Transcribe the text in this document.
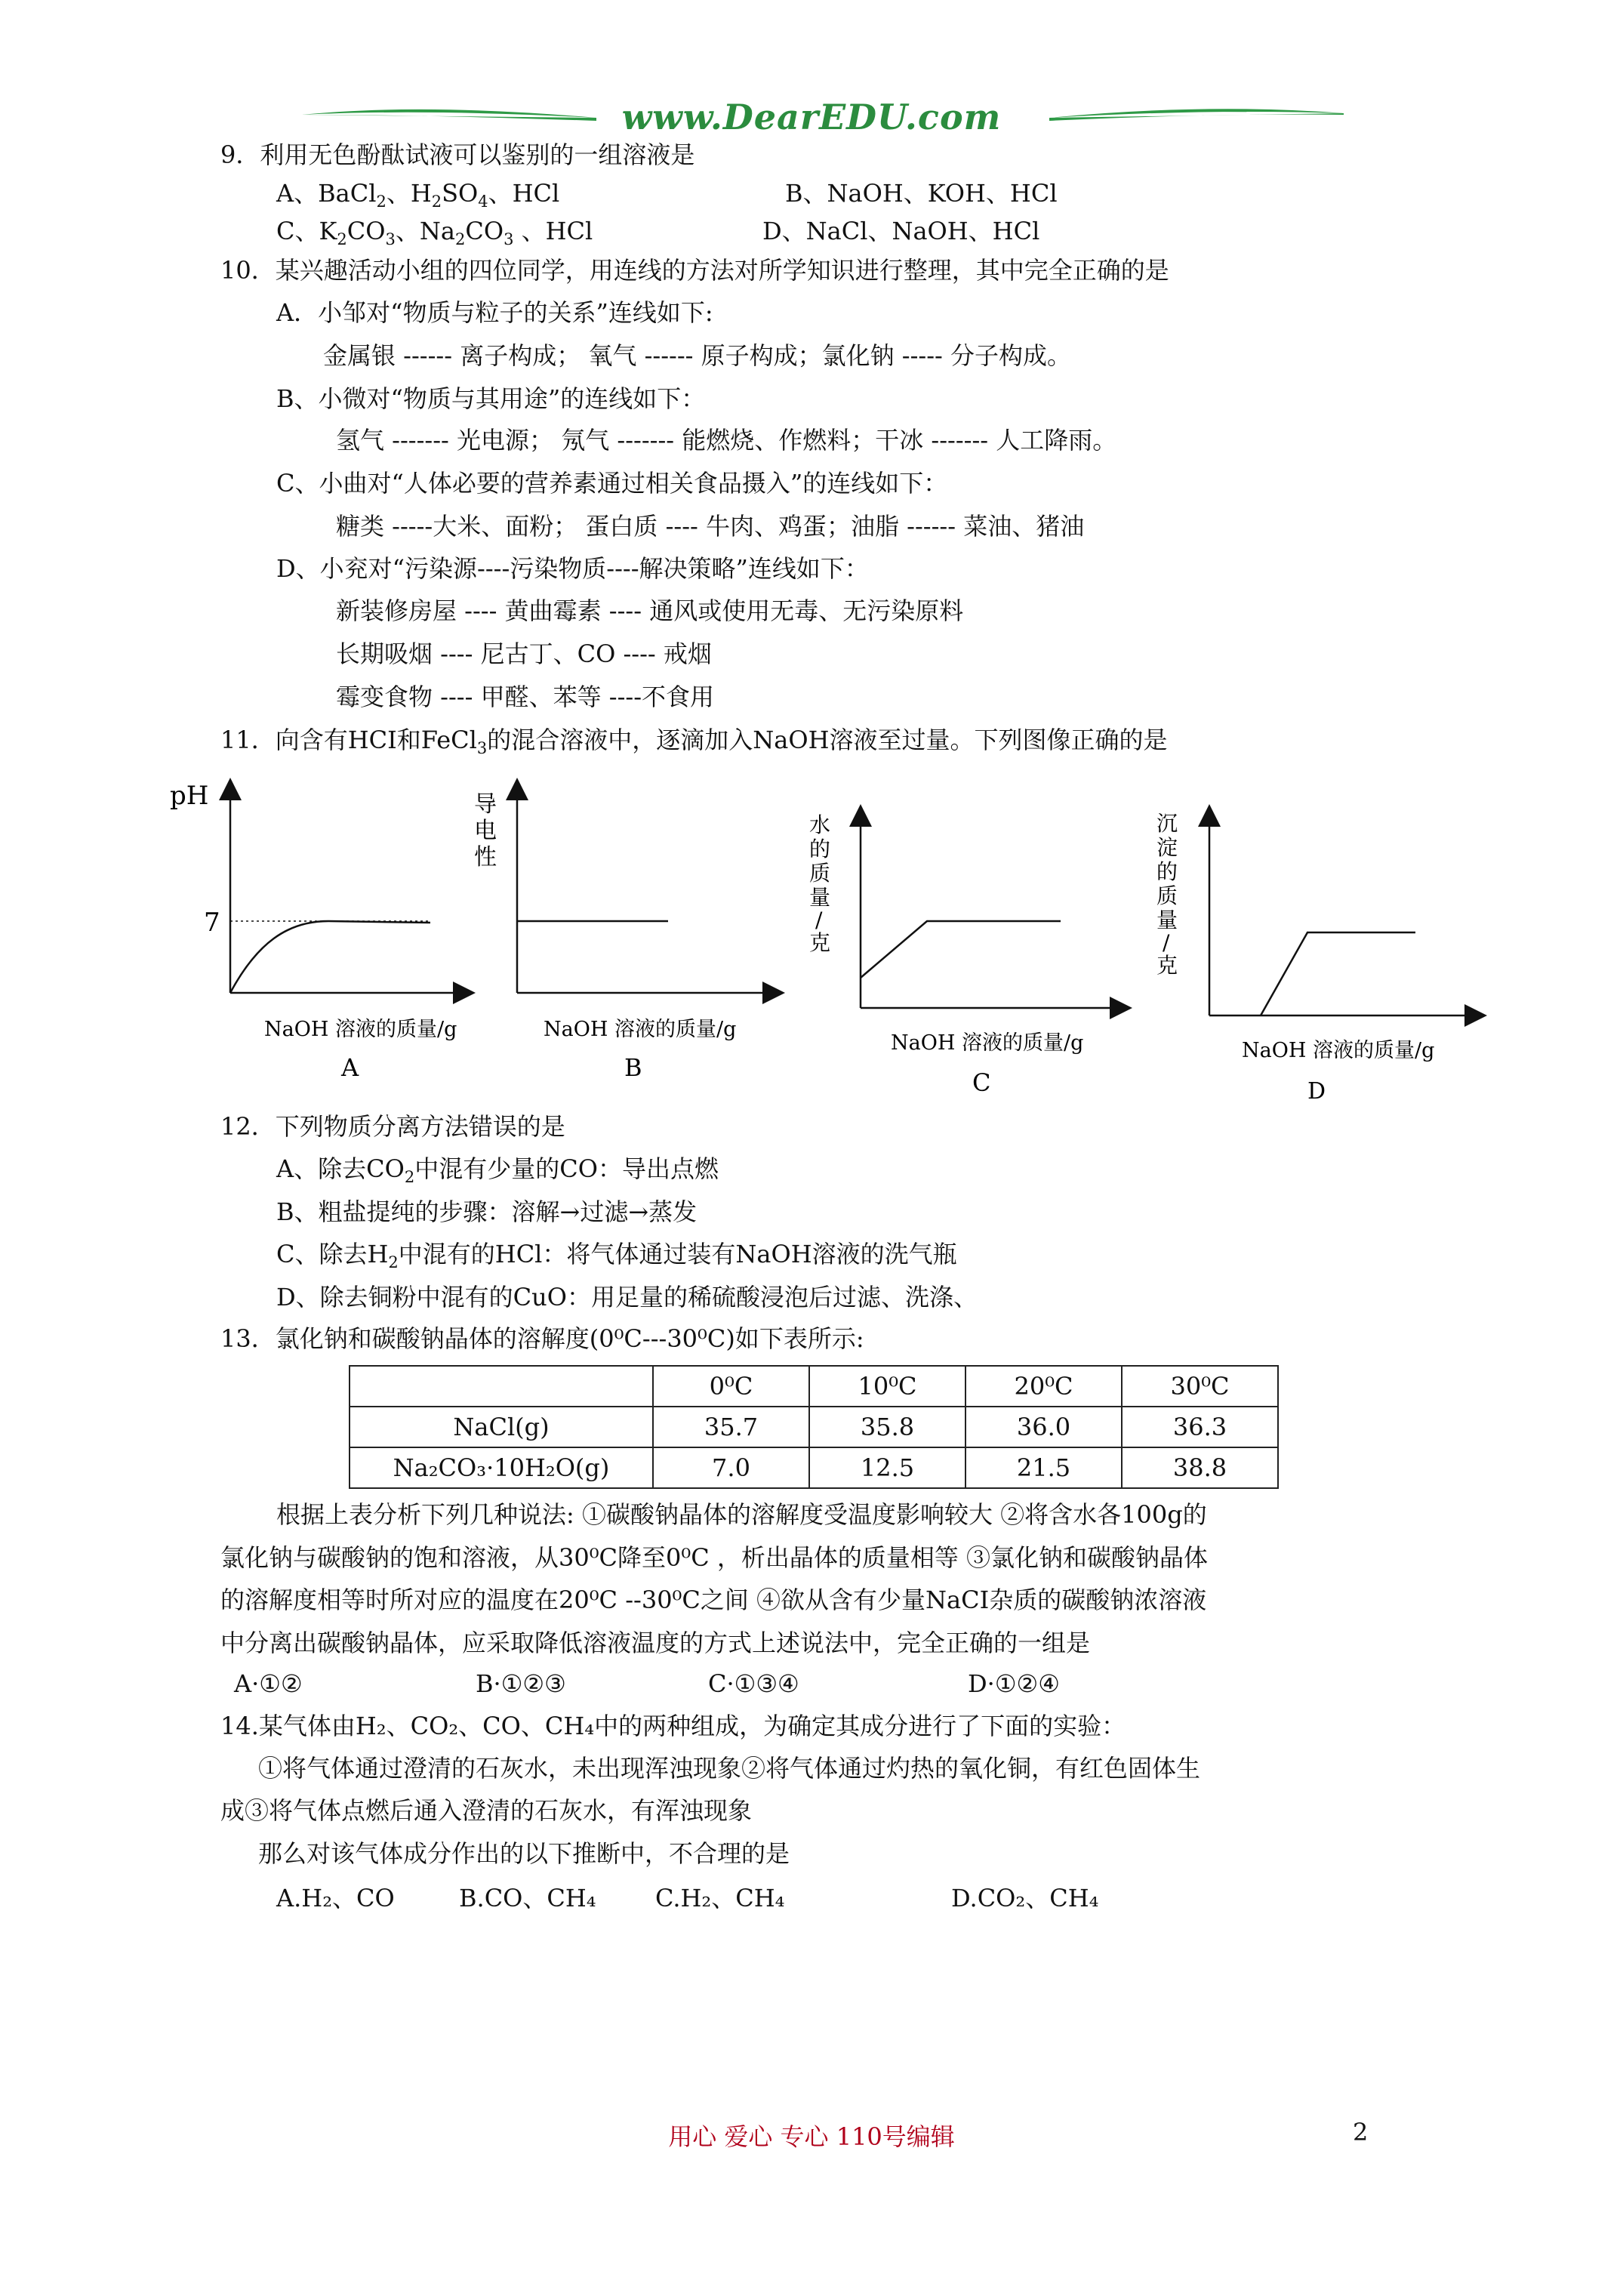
www.DearEDU.com
9．利用无色酚酞试液可以鉴别的一组溶液是
A、BaCl$_2$、$H_2SO_4$、HCl	B、NaOH、KOH、HCl
C、$K_2CO_3$、$Na_2CO_3$ 、HCl	D、NaCl、NaOH、HCl
10．某兴趣活动小组的四位同学，用连线的方法对所学知识进行整理，其中完全正确的是
A．小邹对“物质与粒子的关系”连线如下:
金属银 ------ 离子构成； 氧气 ------ 原子构成；氯化钠 ----- 分子构成。
B、小微对“物质与其用途”的连线如下：
氢气 ------- 光电源； 氖气 ------- 能燃烧、作燃料；干冰 ------- 人工降雨。
C、小曲对“人体必要的营养素通过相关食品摄入”的连线如下：
糖类 -----大米、面粉； 蛋白质 ---- 牛肉、鸡蛋；油脂 ------ 菜油、猪油
D、小兖对“污染源----污染物质----解决策略”连线如下：
新装修房屋 ---- 黄曲霉素 ---- 通风或使用无毒、无污染原料
长期吸烟 ---- 尼古丁、CO ---- 戒烟
霉变食物 ---- 甲醛、苯等 ----不食用
11．向含有HCI和FeCl$_3$的混合溶液中，逐滴加入NaOH溶液至过量。下列图像正确的是
pH
7
NaOH 溶液的质量/g
A
导
电
性
NaOH 溶液的质量/g
B
水
的
质
量
/
克
NaOH 溶液的质量/g
C
沉
淀
的
质
量
/
克
NaOH 溶液的质量/g
D
12．下列物质分离方法错误的是
A、除去$CO_2$中混有少量的CO：导出点燃
B、粗盐提纯的步骤：溶解→过滤→蒸发
C、除去$H_2$中混有的HCl：将气体通过装有NaOH溶液的洗气瓶
D、除去铜粉中混有的CuO：用足量的稀硫酸浸泡后过滤、洗涤、
13．氯化钠和碳酸钠晶体的溶解度(0⁰C---30⁰C)如下表所示:
	0⁰C	10⁰C	20⁰C	30⁰C
NaCl(g)	35.7	35.8	36.0	36.3
Na₂CO₃·10H₂O(g)	7.0	12.5	21.5	38.8
根据上表分析下列几种说法: ①碳酸钠晶体的溶解度受温度影响较大 ②将含水各100g的
氯化钠与碳酸钠的饱和溶液，从30⁰C降至0⁰C ，析出晶体的质量相等 ③氯化钠和碳酸钠晶体
的溶解度相等时所对应的温度在20⁰C --30⁰C之间 ④欲从含有少量NaCI杂质的碳酸钠浓溶液
中分离出碳酸钠晶体，应采取降低溶液温度的方式上述说法中，完全正确的一组是
A·①②	B·①②③	C·①③④	D·①②④
14.某气体由H₂、CO₂、CO、CH₄中的两种组成，为确定其成分进行了下面的实验：
①将气体通过澄清的石灰水，未出现浑浊现象②将气体通过灼热的氧化铜，有红色固体生
成③将气体点燃后通入澄清的石灰水，有浑浊现象
那么对该气体成分作出的以下推断中，不合理的是
A.H₂、CO	B.CO、CH₄ C.H₂、CH₄	D.CO₂、CH₄
用心 爱心 专心 110号编辑	2
